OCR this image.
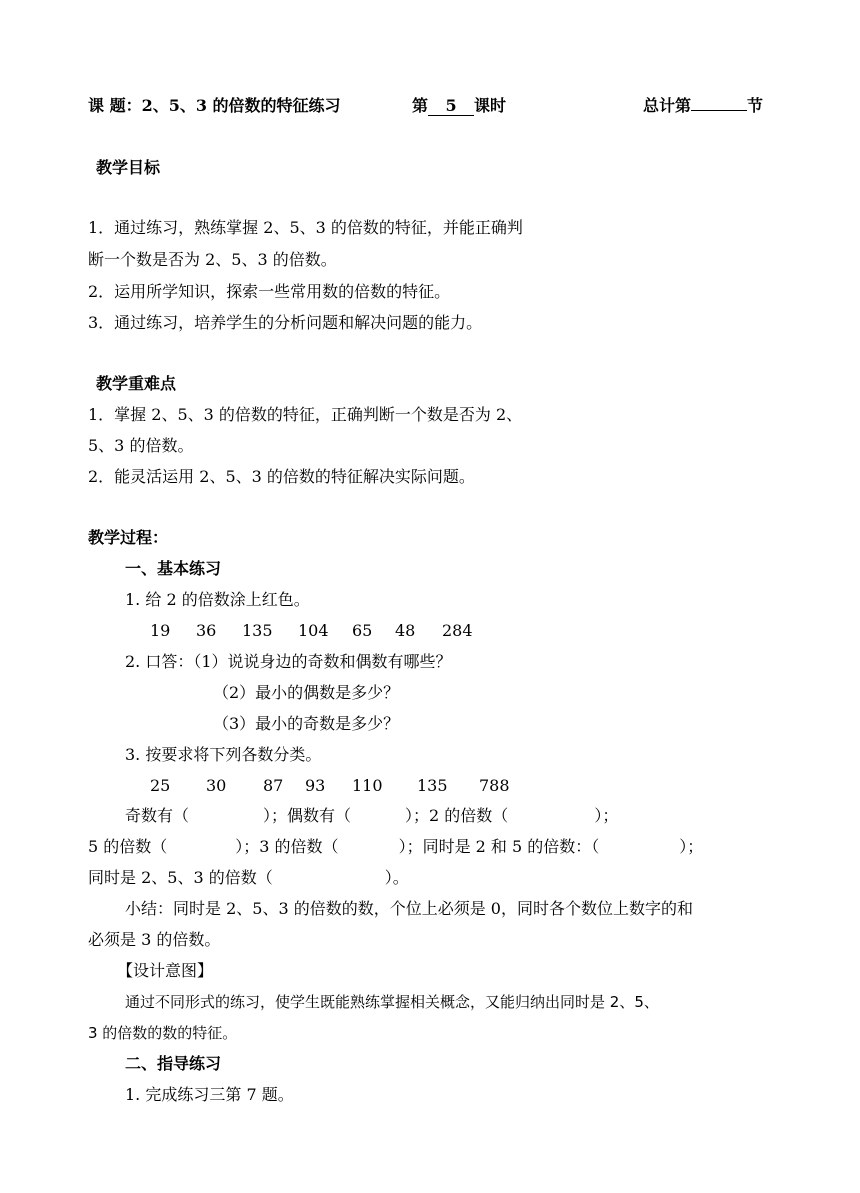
课 题：2、5、3 的倍数的特征练习	第 5 课时	总计第	节
教学目标
1．通过练习，熟练掌握 2、5、3 的倍数的特征，并能正确判
断一个数是否为 2、5、3 的倍数。
2．运用所学知识，探索一些常用数的倍数的特征。
3．通过练习，培养学生的分析问题和解决问题的能力。
教学重难点
1．掌握 2、5、3 的倍数的特征，正确判断一个数是否为 2、
5、3 的倍数。
2．能灵活运用 2、5、3 的倍数的特征解决实际问题。
教学过程：
一、基本练习
1. 给 2 的倍数涂上红色。
19 36 135 104 65 48 284
2. 口答：（1）说说身边的奇数和偶数有哪些？
（2）最小的偶数是多少？
（3）最小的奇数是多少？
3. 按要求将下列各数分类。
25 30 87 93 110 135 788
奇数有（	）；偶数有（	）；2 的倍数（	）；
5 的倍数（	）；3 的倍数（	）；同时是 2 和 5 的倍数：（	）；
同时是 2、5、3 的倍数（	）。
小结：同时是 2、5、3 的倍数的数，个位上必须是 0，同时各个数位上数字的和
必须是 3 的倍数。
【设计意图】
通过不同形式的练习，使学生既能熟练掌握相关概念，又能归纳出同时是 2、5、
3 的倍数的数的特征。
二、指导练习
1. 完成练习三第 7 题。
